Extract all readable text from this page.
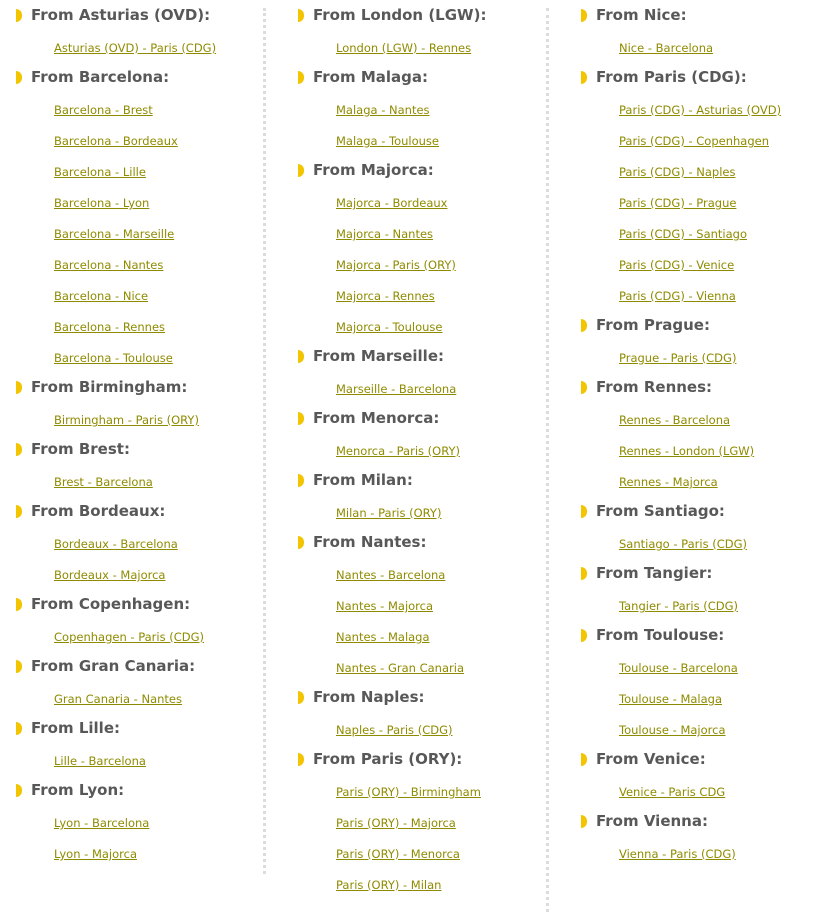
From Asturias (OVD):
Asturias (OVD) - Paris (CDG)
From Barcelona:
Barcelona - Brest
Barcelona - Bordeaux
Barcelona - Lille
Barcelona - Lyon
Barcelona - Marseille
Barcelona - Nantes
Barcelona - Nice
Barcelona - Rennes
Barcelona - Toulouse
From Birmingham:
Birmingham - Paris (ORY)
From Brest:
Brest - Barcelona
From Bordeaux:
Bordeaux - Barcelona
Bordeaux - Majorca
From Copenhagen:
Copenhagen - Paris (CDG)
From Gran Canaria:
Gran Canaria - Nantes
From Lille:
Lille - Barcelona
From Lyon:
Lyon - Barcelona
Lyon - Majorca
From London (LGW):
London (LGW) - Rennes
From Malaga:
Malaga - Nantes
Malaga - Toulouse
From Majorca:
Majorca - Bordeaux
Majorca - Nantes
Majorca - Paris (ORY)
Majorca - Rennes
Majorca - Toulouse
From Marseille:
Marseille - Barcelona
From Menorca:
Menorca - Paris (ORY)
From Milan:
Milan - Paris (ORY)
From Nantes:
Nantes - Barcelona
Nantes - Majorca
Nantes - Malaga
Nantes - Gran Canaria
From Naples:
Naples - Paris (CDG)
From Paris (ORY):
Paris (ORY) - Birmingham
Paris (ORY) - Majorca
Paris (ORY) - Menorca
Paris (ORY) - Milan
From Nice:
Nice - Barcelona
From Paris (CDG):
Paris (CDG) - Asturias (OVD)
Paris (CDG) - Copenhagen
Paris (CDG) - Naples
Paris (CDG) - Prague
Paris (CDG) - Santiago
Paris (CDG) - Venice
Paris (CDG) - Vienna
From Prague:
Prague - Paris (CDG)
From Rennes:
Rennes - Barcelona
Rennes - London (LGW)
Rennes - Majorca
From Santiago:
Santiago - Paris (CDG)
From Tangier:
Tangier - Paris (CDG)
From Toulouse:
Toulouse - Barcelona
Toulouse - Malaga
Toulouse - Majorca
From Venice:
Venice - Paris CDG
From Vienna:
Vienna - Paris (CDG)
